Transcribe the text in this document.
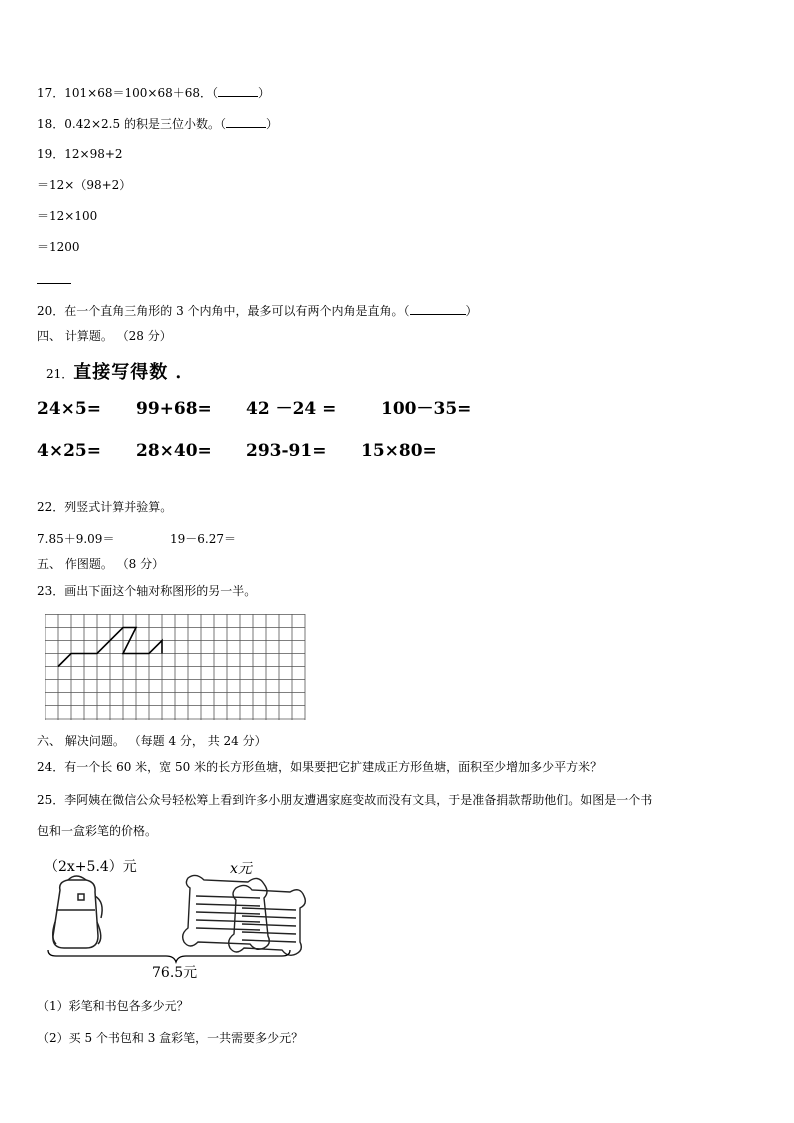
17．101×68＝100×68＋68．（	）
18．0.42×2.5 的积是三位小数。（	）
19．12×98+2
＝12×（98+2）
＝12×100
＝1200
20．在一个直角三角形的 3 个内角中，最多可以有两个内角是直角。（	）
四、 计算题。 （28 分）
21．直接写得数 ．
24×5= 99+68= 42 －24 =	100－35=
4×25= 28×40= 293-91= 15×80=
22．列竖式计算并验算。
7.85＋9.09＝	19－6.27＝
五、 作图题。 （8 分）
23．画出下面这个轴对称图形的另一半。
六、 解决问题。 （每题 4 分， 共 24 分）
24．有一个长 60 米，宽 50 米的长方形鱼塘，如果要把它扩建成正方形鱼塘，面积至少增加多少平方米？
25．李阿姨在微信公众号轻松筹上看到许多小朋友遭遇家庭变故而没有文具，于是准备捐款帮助他们。如图是一个书
包和一盒彩笔的价格。
（2x+5.4）元	x元
76.5元
（1）彩笔和书包各多少元？
（2）买 5 个书包和 3 盒彩笔，一共需要多少元？
